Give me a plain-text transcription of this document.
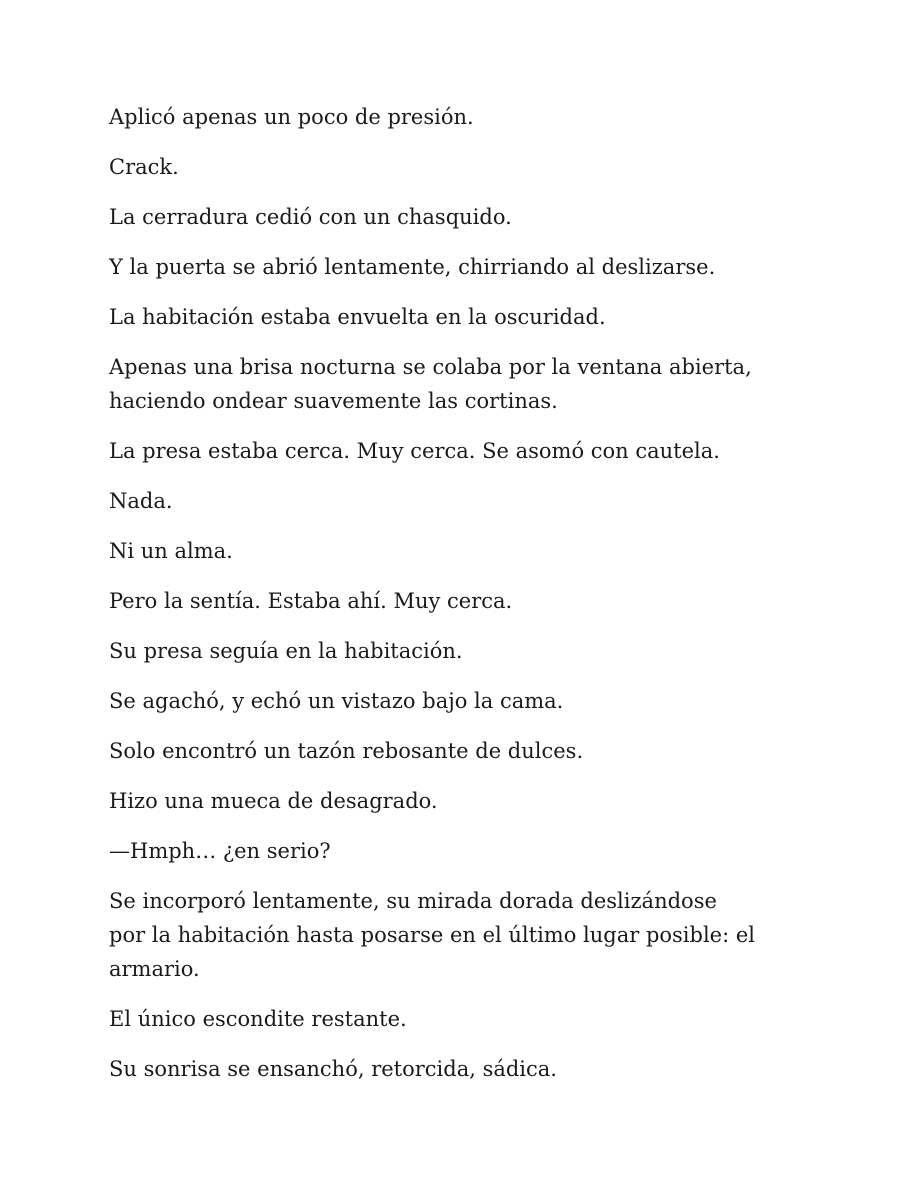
Aplicó apenas un poco de presión.

Crack.

La cerradura cedió con un chasquido.

Y la puerta se abrió lentamente, chirriando al deslizarse.

La habitación estaba envuelta en la oscuridad.

Apenas una brisa nocturna se colaba por la ventana abierta,
haciendo ondear suavemente las cortinas.

La presa estaba cerca. Muy cerca. Se asomó con cautela.

Nada.

Ni un alma.

Pero la sentía. Estaba ahí. Muy cerca.

Su presa seguía en la habitación.

Se agachó, y echó un vistazo bajo la cama.

Solo encontró un tazón rebosante de dulces.

Hizo una mueca de desagrado.

—Hmph… ¿en serio?

Se incorporó lentamente, su mirada dorada deslizándose
por la habitación hasta posarse en el último lugar posible: el
armario.

El único escondite restante.

Su sonrisa se ensanchó, retorcida, sádica.
